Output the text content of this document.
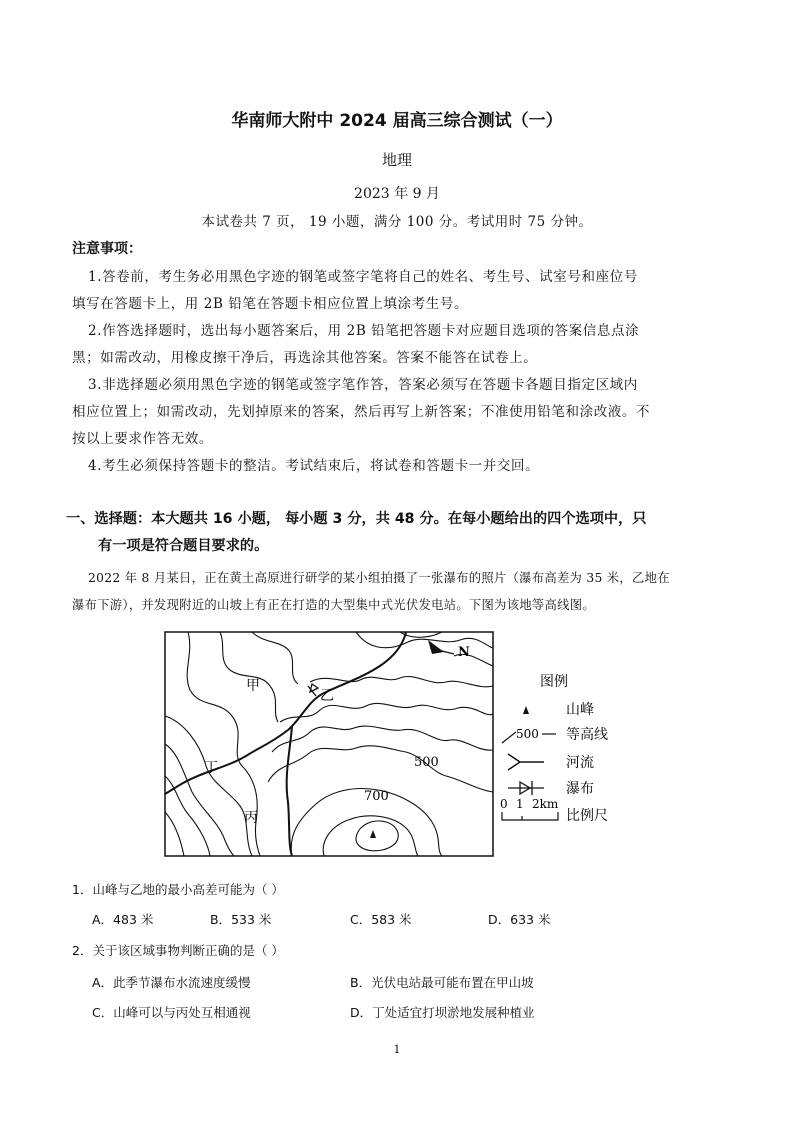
华南师大附中 2024 届高三综合测试（一）
地理
2023 年 9 月
本试卷共 7 页， 19 小题，满分 100 分。考试用时 75 分钟。
注意事项：
1.答卷前，考生务必用黑色字迹的钢笔或签字笔将自己的姓名、考生号、试室号和座位号
填写在答题卡上，用 2B 铅笔在答题卡相应位置上填涂考生号。
2.作答选择题时，选出每小题答案后，用 2B 铅笔把答题卡对应题目选项的答案信息点涂
黑；如需改动，用橡皮擦干净后，再选涂其他答案。答案不能答在试卷上。
3.非选择题必须用黑色字迹的钢笔或签字笔作答，答案必须写在答题卡各题目指定区域内
相应位置上；如需改动，先划掉原来的答案，然后再写上新答案；不准使用铅笔和涂改液。不
按以上要求作答无效。
4.考生必须保持答题卡的整洁。考试结束后，将试卷和答题卡一并交回。
一、选择题：本大题共 16 小题， 每小题 3 分，共 48 分。在每小题给出的四个选项中，只
有一项是符合题目要求的。
2022 年 8 月某日，正在黄土高原进行研学的某小组拍摄了一张瀑布的照片（瀑布高差为 35 米，乙地在
瀑布下游），并发现附近的山坡上有正在打造的大型集中式光伏发电站。下图为该地等高线图。
N
甲
乙
丙
丁	500
700
图例
山峰
500 等高线
河流
瀑布
0 1 2km
比例尺
1．山峰与乙地的最小高差可能为（ ）
A．483 米	B．533 米	C．583 米	D．633 米
2．关于该区域事物判断正确的是（ ）
A．此季节瀑布水流速度缓慢	B．光伏电站最可能布置在甲山坡
C．山峰可以与丙处互相通视	D．丁处适宜打坝淤地发展种植业
1
